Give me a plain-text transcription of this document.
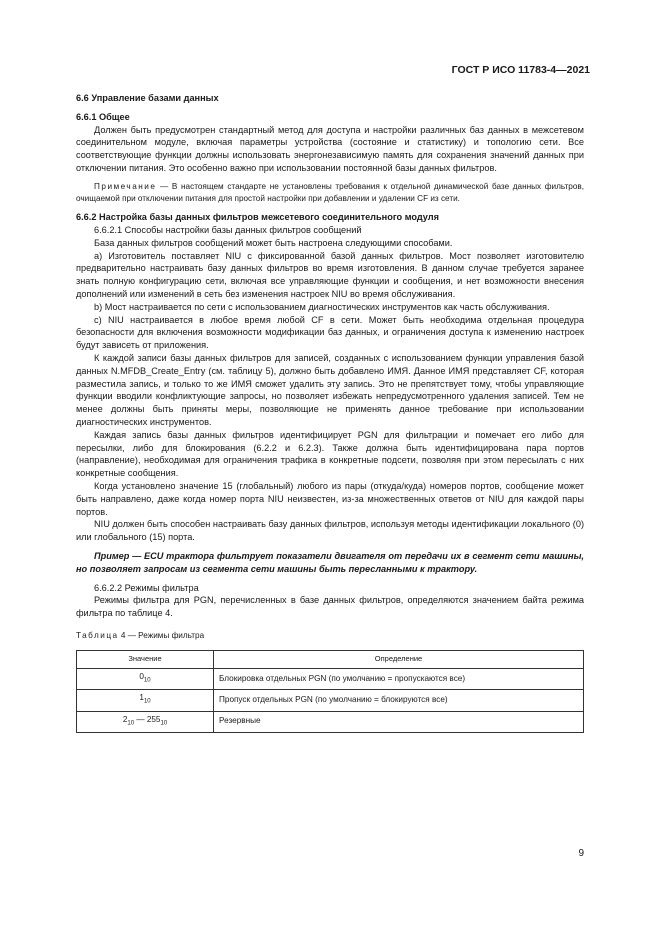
ГОСТ Р ИСО 11783-4—2021

6.6 Управление базами данных

6.6.1 Общее

Должен быть предусмотрен стандартный метод для доступа и настройки различных баз данных в межсетевом соединительном модуле, включая параметры устройства (состояние и статистику) и топологию сети. Все соответствующие функции должны использовать энергонезависимую память для сохранения значений данных при отключении питания. Это особенно важно при использовании постоянной базы данных фильтров.

Примечание — В настоящем стандарте не установлены требования к отдельной динамической базе данных фильтров, очищаемой при отключении питания для простой настройки при добавлении и удалении CF из сети.

6.6.2 Настройка базы данных фильтров межсетевого соединительного модуля

6.6.2.1 Способы настройки базы данных фильтров сообщений

База данных фильтров сообщений может быть настроена следующими способами.

a) Изготовитель поставляет NIU с фиксированной базой данных фильтров. Мост позволяет изготовителю предварительно настраивать базу данных фильтров во время изготовления. В данном случае требуется заранее знать полную конфигурацию сети, включая все управляющие функции и сообщения, и нет возможности внесения дополнений или изменений в сеть без изменения настроек NIU во время обслуживания.

b) Мост настраивается по сети с использованием диагностических инструментов как часть обслуживания.

c) NIU настраивается в любое время любой CF в сети. Может быть необходима отдельная процедура безопасности для включения возможности модификации баз данных, и ограничения доступа к изменению настроек будут зависеть от приложения.

К каждой записи базы данных фильтров для записей, созданных с использованием функции управления базой данных N.MFDB_Create_Entry (см. таблицу 5), должно быть добавлено ИМЯ. Данное ИМЯ представляет CF, которая разместила запись, и только то же ИМЯ сможет удалить эту запись. Это не препятствует тому, чтобы управляющие функции вводили конфликтующие запросы, но позволяет избежать непредусмотренного удаления записей. Тем не менее должны быть приняты меры, позволяющие не применять данное требование при использовании диагностических инструментов.

Каждая запись базы данных фильтров идентифицирует PGN для фильтрации и помечает его либо для пересылки, либо для блокирования (6.2.2 и 6.2.3). Также должна быть идентифицирована пара портов (направление), необходимая для ограничения трафика в конкретные подсети, позволяя при этом пересылать с них конкретные сообщения.

Когда установлено значение 15 (глобальный) любого из пары (откуда/куда) номеров портов, сообщение может быть направлено, даже когда номер порта NIU неизвестен, из-за множественных ответов от NIU для каждой пары портов.

NIU должен быть способен настраивать базу данных фильтров, используя методы идентификации локального (0) или глобального (15) порта.

Пример — ECU трактора фильтрует показатели двигателя от передачи их в сегмент сети машины, но позволяет запросам из сегмента сети машины быть пересланными к трактору.

6.6.2.2 Режимы фильтра

Режимы фильтра для PGN, перечисленных в базе данных фильтров, определяются значением байта режима фильтра по таблице 4.

Таблица 4 — Режимы фильтра

Значение	Определение
$0_{10}$	Блокировка отдельных PGN (по умолчанию = пропускаются все)
$1_{10}$	Пропуск отдельных PGN (по умолчанию = блокируются все)
$2_{10}$ — $255_{10}$	Резервные
9
